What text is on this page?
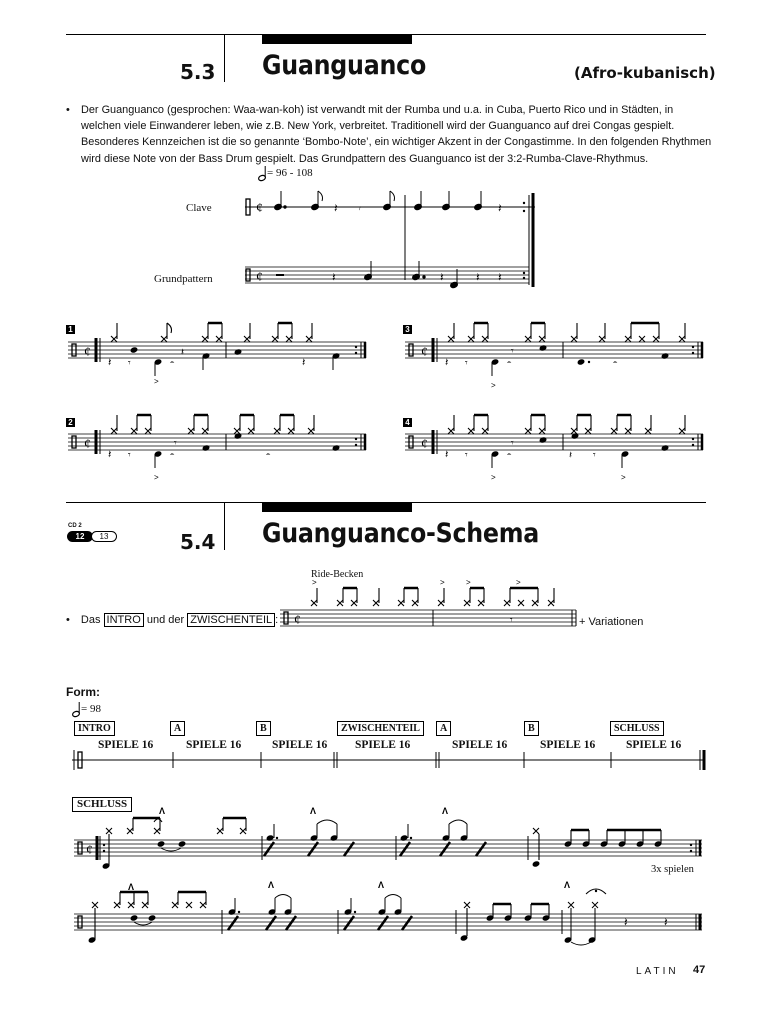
5.3 Guanguanco	(Afro-kubanisch)
• Der Guanguanco (gesprochen: Waa-wan-koh) ist verwandt mit der Rumba und u.a. in Cuba, Puerto Rico und in Städten, in welchen viele Einwanderer leben, wie z.B. New York, verbreitet. Traditionell wird der Guanguanco auf drei Congas gespielt. Besonderes Kennzeichen ist die so genannte ‘Bombo-Note’, ein wichtiger Akzent in der Congastimme. In den folgenden Rhythmen wird diese Note von der Bass Drum gespielt. Das Grundpattern des Guanguanco ist der 3:2-Rumba-Clave-Rhythmus.
= 96 - 108
Clave
Grundpattern
¢	𝄽 𝄾	𝄽
¢	𝄽	𝄽	𝄽 𝄽
1
2
3
4
¢
𝄽 𝄾	𝄼
𝄽
𝄽
>
¢
𝄽 𝄾	𝄼
𝄾
𝄼
>
¢
𝄽 𝄾	𝄼
𝄾
𝄼
>
¢
𝄽 𝄾	𝄼
𝄾
𝄽 𝄾
>	>
5.4 Guanguanco-Schema
CD 2
12	13
Ride-Becken
• Das INTRO und der ZWISCHENTEIL :	+ Variationen
¢
>	>	>	>
𝄾
Form:
= 98
INTRO	A	B	ZWISCHENTEIL	A	B	SCHLUSS
SPIELE 16	SPIELE 16	SPIELE 16 SPIELE 16	SPIELE 16	SPIELE 16	SPIELE 16
SCHLUSS
¢
Λ	Λ	Λ
3x spielen
Λ	Λ	Λ	Λ
𝄽	𝄽
LATIN 47
